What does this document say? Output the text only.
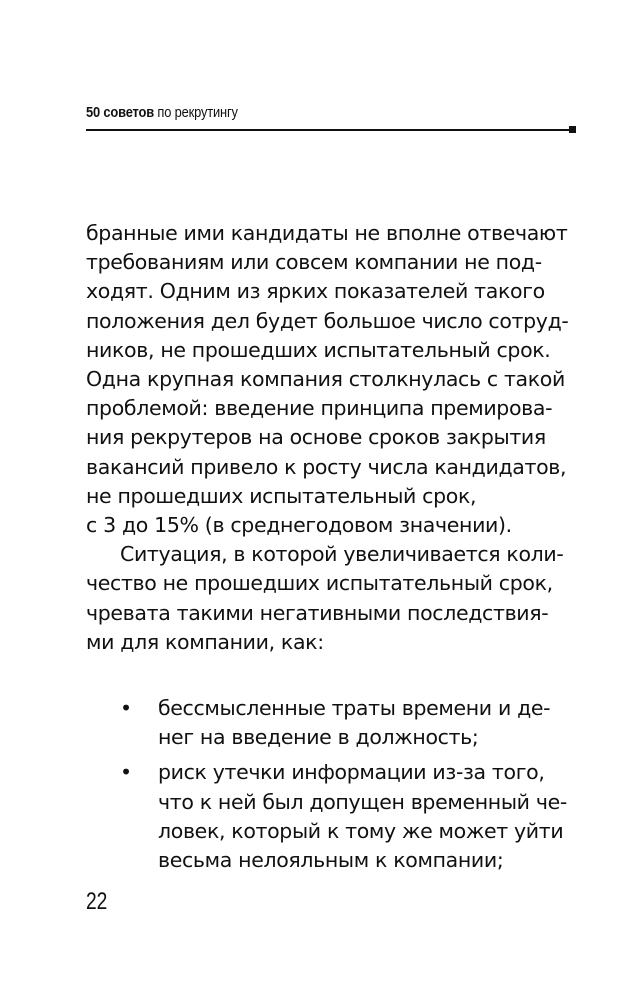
50 советов по рекрутингу
бранные ими кандидаты не вполне отвечают
требованиям или совсем компании не под-
ходят. Одним из ярких показателей такого
положения дел будет большое число сотруд-
ников, не прошедших испытательный срок.
Одна крупная компания столкнулась с такой
проблемой: введение принципа премирова-
ния рекрутеров на основе сроков закрытия
вакансий привело к росту числа кандидатов,
не прошедших испытательный срок,
с 3 до 15% (в среднегодовом значении).
Ситуация, в которой увеличивается коли-
чество не прошедших испытательный срок,
чревата такими негативными последствия-
ми для компании, как:
• бессмысленные траты времени и де-
нег на введение в должность;
• риск утечки информации из-за того,
что к ней был допущен временный че-
ловек, который к тому же может уйти
весьма нелояльным к компании;
22
